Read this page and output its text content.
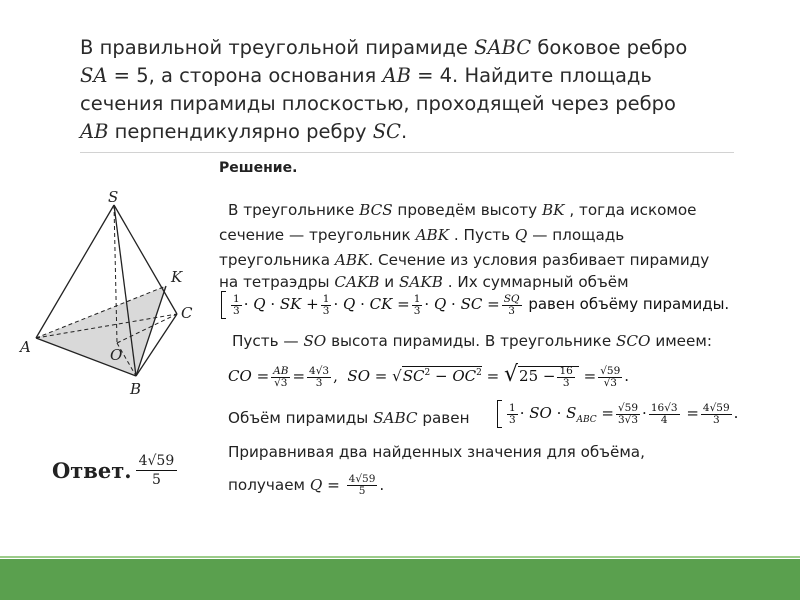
В правильной треугольной пирамиде SABC боковое ребро

SA = 5, а сторона основания AB = 4. Найдите площадь

сечения пирамиды плоскостью, проходящей через ребро

AB перпендикулярно ребру SC.

S
K
C
A	O
B
Решение.
В треугольнике BCS проведём высоту BK , тогда искомое
сечение — треугольник ABK . Пусть Q — площадь
треугольника ABK. Сечение из условия разбивает пирамиду
на тетраэдры CAKB и SAKB . Их суммарный объём
$\frac{1}{3} \cdot Q$ · SK + $\frac{1}{3} \cdot Q$ · CK = $\frac{1}{3} \cdot Q$ · SC = $\frac{SQ}{3}$ равен объёму пирамиды.
Пусть — SO высота пирамиды. В треугольнике SCO имеем:
CO = $\frac{AB}{√3} = \frac{4√3}{3}$ , SO = $√SC^2 - OC^2 = √25 - \frac{16}{3} = \frac{√59}{√3}$ .
Объём пирамиды SABC равен	$\frac{1}{3}$ · SO · $S_{ABC} = \frac{√59}{3√3} \cdot \frac{16√3}{4} = \frac{4√59}{3}$ .
Приравнивая два найденных значения для объёма,
получаем $Q = \frac{4√59}{5}$ .
Ответ. $\frac{4√59}{5}$
